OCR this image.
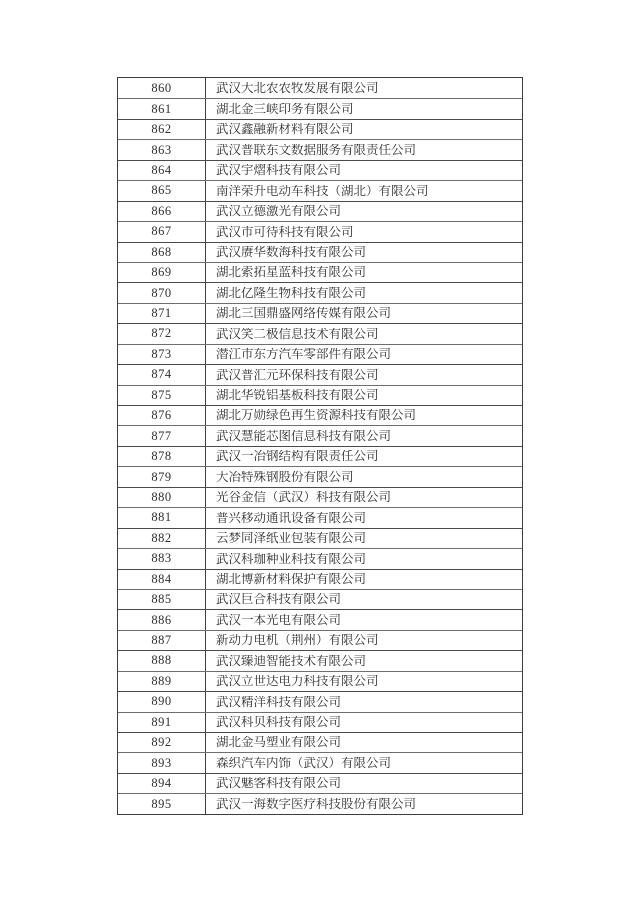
860	武汉大北农农牧发展有限公司
861	湖北金三峡印务有限公司
862	武汉鑫融新材料有限公司
863	武汉普联东文数据服务有限责任公司
864	武汉宇熠科技有限公司
865	南洋荣升电动车科技（湖北）有限公司
866	武汉立德激光有限公司
867	武汉市可待科技有限公司
868	武汉赓华数海科技有限公司
869	湖北索拓星蓝科技有限公司
870	湖北亿隆生物科技有限公司
871	湖北三国鼎盛网络传媒有限公司
872	武汉笑二极信息技术有限公司
873	潜江市东方汽车零部件有限公司
874	武汉普汇元环保科技有限公司
875	湖北华锐铝基板科技有限公司
876	湖北万勋绿色再生资源科技有限公司
877	武汉慧能芯图信息科技有限公司
878	武汉一冶钢结构有限责任公司
879	大冶特殊钢股份有限公司
880	光谷金信（武汉）科技有限公司
881	普兴移动通讯设备有限公司
882	云梦同泽纸业包装有限公司
883	武汉科珈种业科技有限公司
884	湖北博新材料保护有限公司
885	武汉巨合科技有限公司
886	武汉一本光电有限公司
887	新动力电机（荆州）有限公司
888	武汉臻迪智能技术有限公司
889	武汉立世达电力科技有限公司
890	武汉精洋科技有限公司
891	武汉科贝科技有限公司
892	湖北金马塑业有限公司
893	森织汽车内饰（武汉）有限公司
894	武汉魅客科技有限公司
895	武汉一海数字医疗科技股份有限公司
